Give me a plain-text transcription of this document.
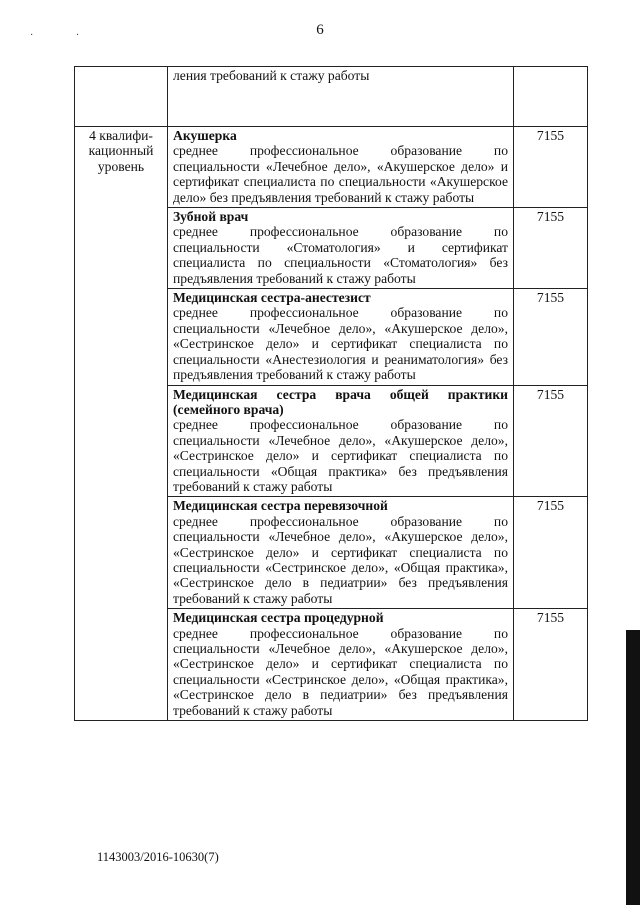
6
· ·
	ления требований к стажу работы	
4 квалифи-кационный уровень	Акушерка
среднее профессиональное образование по специальности «Лечебное дело», «Акушерское дело» и сертификат специалиста по специальности «Акушерское дело» без предъявления требований к стажу работы	7155

	Зубной врач
среднее профессиональное образование по специальности «Стоматология» и сертификат специалиста по специальности «Стоматология» без предъявления требований к стажу работы	7155

	Медицинская сестра-анестезист
среднее профессиональное образование по специальности «Лечебное дело», «Акушерское дело», «Сестринское дело» и сертификат специалиста по специальности «Анестезиология и реаниматология» без предъявления требований к стажу работы	7155

	Медицинская сестра врача общей практики (семейного врача)
среднее профессиональное образование по специальности «Лечебное дело», «Акушерское дело», «Сестринское дело» и сертификат специалиста по специальности «Общая практика» без предъявления требований к стажу работы	7155

	Медицинская сестра перевязочной
среднее профессиональное образование по специальности «Лечебное дело», «Акушерское дело», «Сестринское дело» и сертификат специалиста по специальности «Сестринское дело», «Общая практика», «Сестринское дело в педиатрии» без предъявления требований к стажу работы	7155

	Медицинская сестра процедурной
среднее профессиональное образование по специальности «Лечебное дело», «Акушерское дело», «Сестринское дело» и сертификат специалиста по специальности «Сестринское дело», «Общая практика», «Сестринское дело в педиатрии» без предъявления требований к стажу работы	7155
1143003/2016-10630(7)
